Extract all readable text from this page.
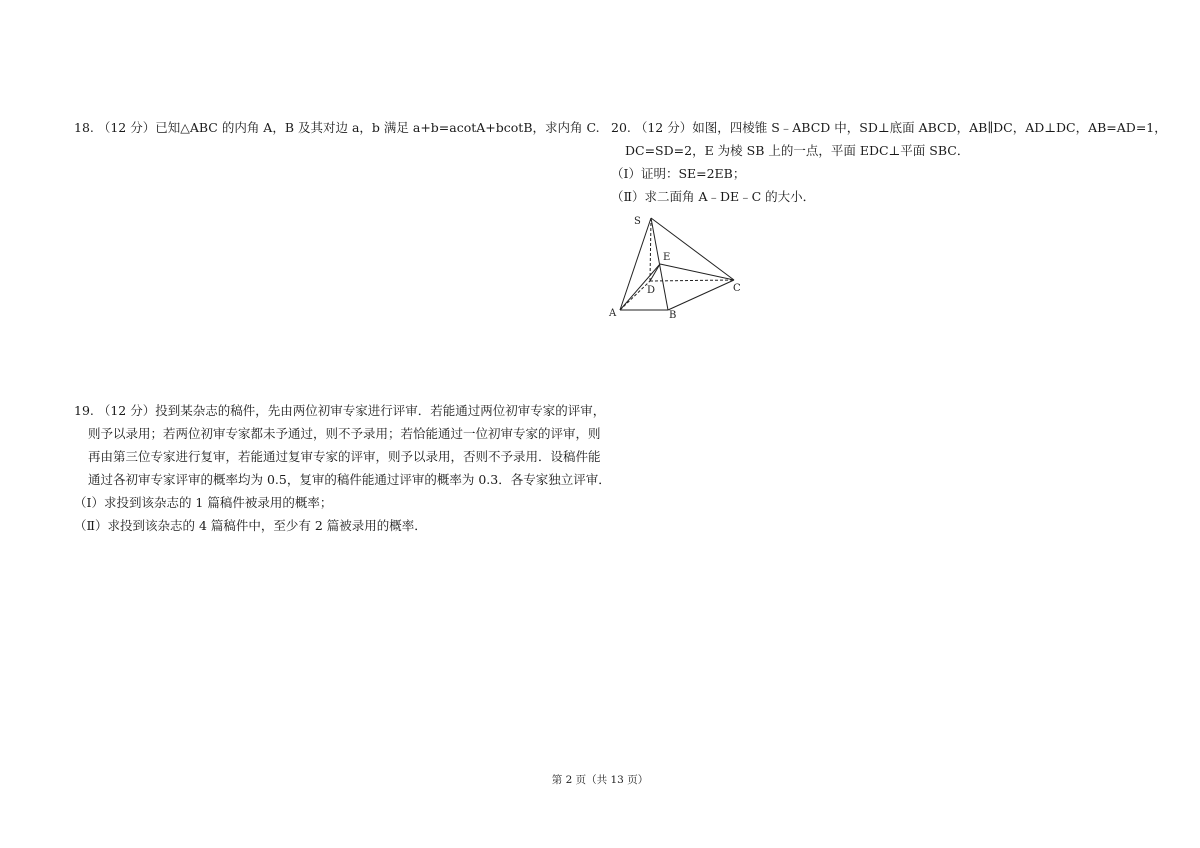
18. （12 分）已知△ABC 的内角 A，B 及其对边 a，b 满足 a+b=acotA+bcotB，求内角 C.
19. （12 分）投到某杂志的稿件，先由两位初审专家进行评审．若能通过两位初审专家的评审，
则予以录用；若两位初审专家都未予通过，则不予录用；若恰能通过一位初审专家的评审，则
再由第三位专家进行复审，若能通过复审专家的评审，则予以录用，否则不予录用．设稿件能
通过各初审专家评审的概率均为 0.5，复审的稿件能通过评审的概率为 0.3．各专家独立评审．
（Ⅰ）求投到该杂志的 1 篇稿件被录用的概率；
（Ⅱ）求投到该杂志的 4 篇稿件中，至少有 2 篇被录用的概率．
20. （12 分）如图，四棱锥 S﹣ABCD 中，SD⊥底面 ABCD，AB∥DC，AD⊥DC，AB=AD=1，
DC=SD=2，E 为棱 SB 上的一点，平面 EDC⊥平面 SBC．
（Ⅰ）证明：SE=2EB；
（Ⅱ）求二面角 A﹣DE﹣C 的大小．
S
E
D	C
A	B
第 2 页（共 13 页）
